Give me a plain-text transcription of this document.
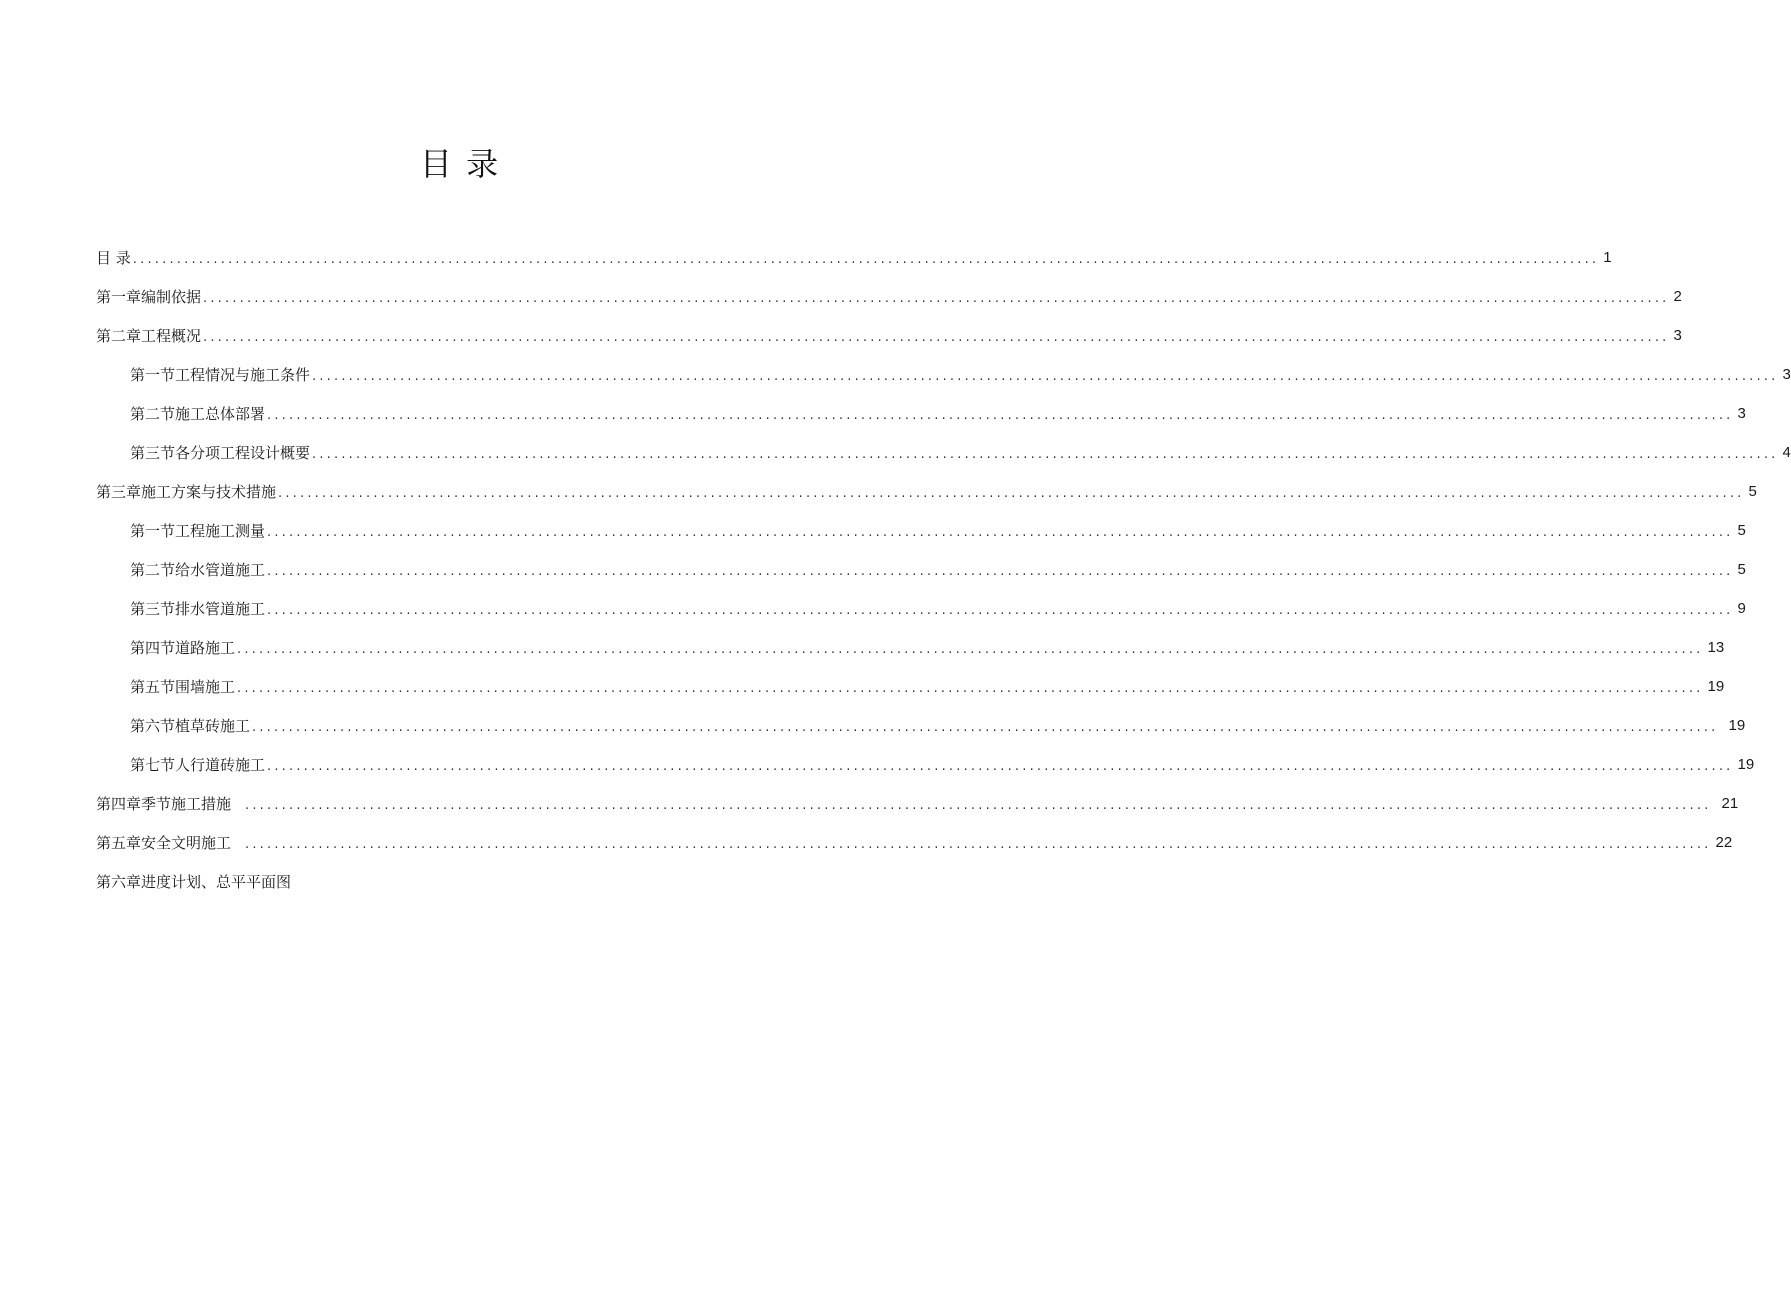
目 录
目 录 ........................................................................................................................................................................................................ 1
第一章编制依据 ........................................................................................................................................................................................................ 2
第二章工程概况 ........................................................................................................................................................................................................ 3
第一节工程情况与施工条件 ........................................................................................................................................................................................................ 3
第二节施工总体部署 ........................................................................................................................................................................................................ 3
第三节各分项工程设计概要 ........................................................................................................................................................................................................ 4
第三章施工方案与技术措施 ........................................................................................................................................................................................................ 5
第一节工程施工测量 ........................................................................................................................................................................................................ 5
第二节给水管道施工 ........................................................................................................................................................................................................ 5
第三节排水管道施工 ........................................................................................................................................................................................................ 9
第四节道路施工 ........................................................................................................................................................................................................ 13
第五节围墙施工 ........................................................................................................................................................................................................ 19
第六节植草砖施工 ........................................................................................................................................................................................................ 19
第七节人行道砖施工 ........................................................................................................................................................................................................ 19
第四章季节施工措施 ........................................................................................................................................................................................................ 21
第五章安全文明施工 ........................................................................................................................................................................................................ 22
第六章进度计划、总平平面图
